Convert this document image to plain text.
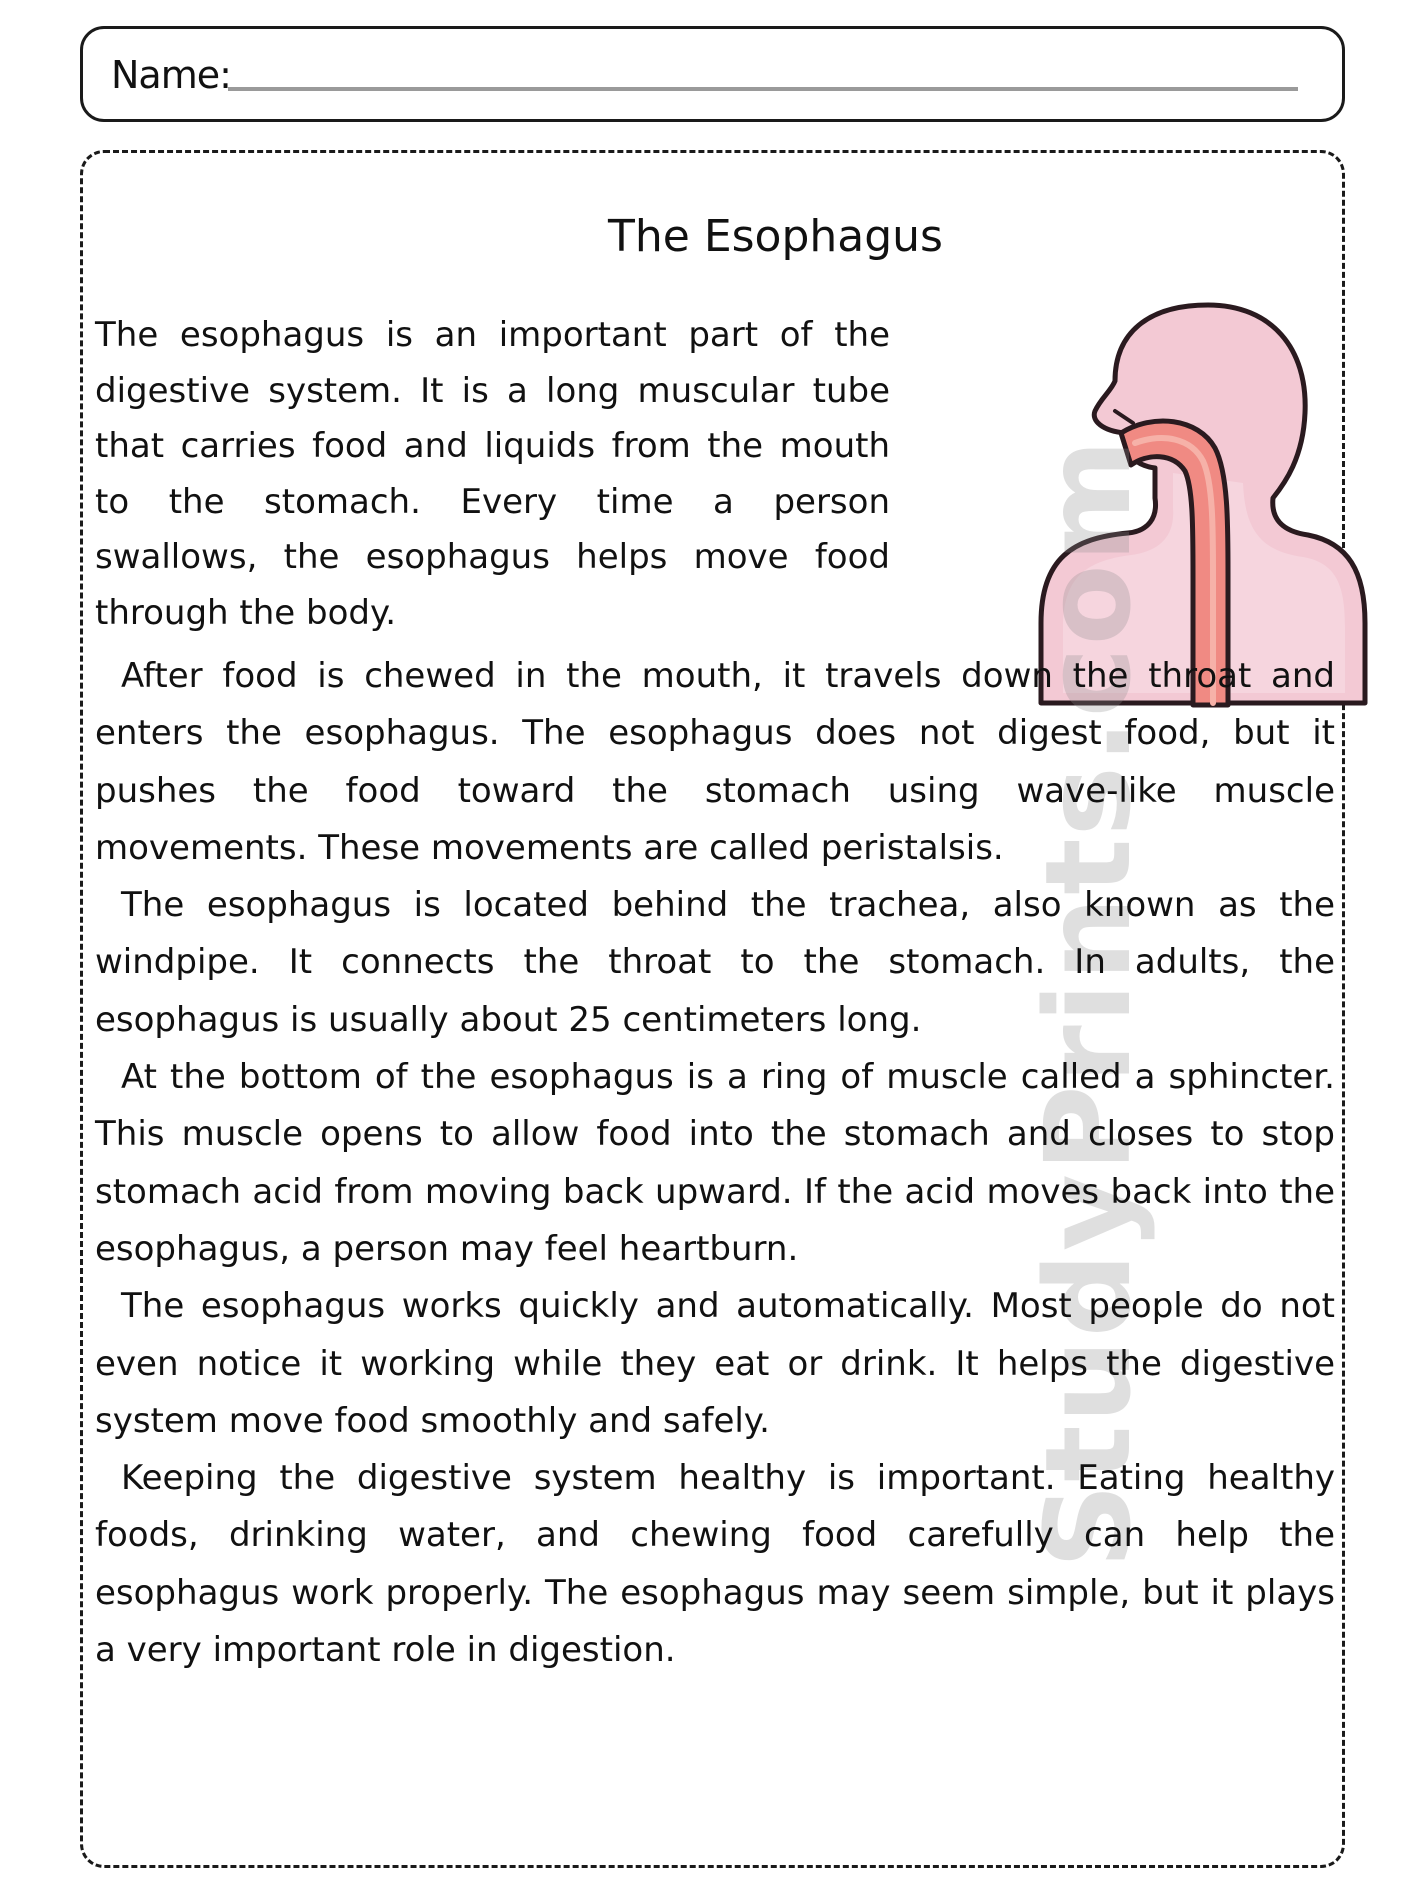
Name:
The Esophagus

The esophagus is an important part of the digestive system. It is a long muscular tube that carries food and liquids from the mouth to the stomach. Every time a person swallows, the esophagus helps move food through the body.	StudyPrints.com

After food is chewed in the mouth, it travels down the throat and enters the esophagus. The esophagus does not digest food, but it pushes the food toward the stomach using wave-like muscle movements. These movements are called peristalsis.

The esophagus is located behind the trachea, also known as the windpipe. It connects the throat to the stomach. In adults, the esophagus is usually about 25 centimeters long.

At the bottom of the esophagus is a ring of muscle called a sphincter. This muscle opens to allow food into the stomach and closes to stop stomach acid from moving back upward. If the acid moves back into the esophagus, a person may feel heartburn.

The esophagus works quickly and automatically. Most people do not even notice it working while they eat or drink. It helps the digestive system move food smoothly and safely.

Keeping the digestive system healthy is important. Eating healthy foods, drinking water, and chewing food carefully can help the esophagus work properly. The esophagus may seem simple, but it plays a very important role in digestion.
